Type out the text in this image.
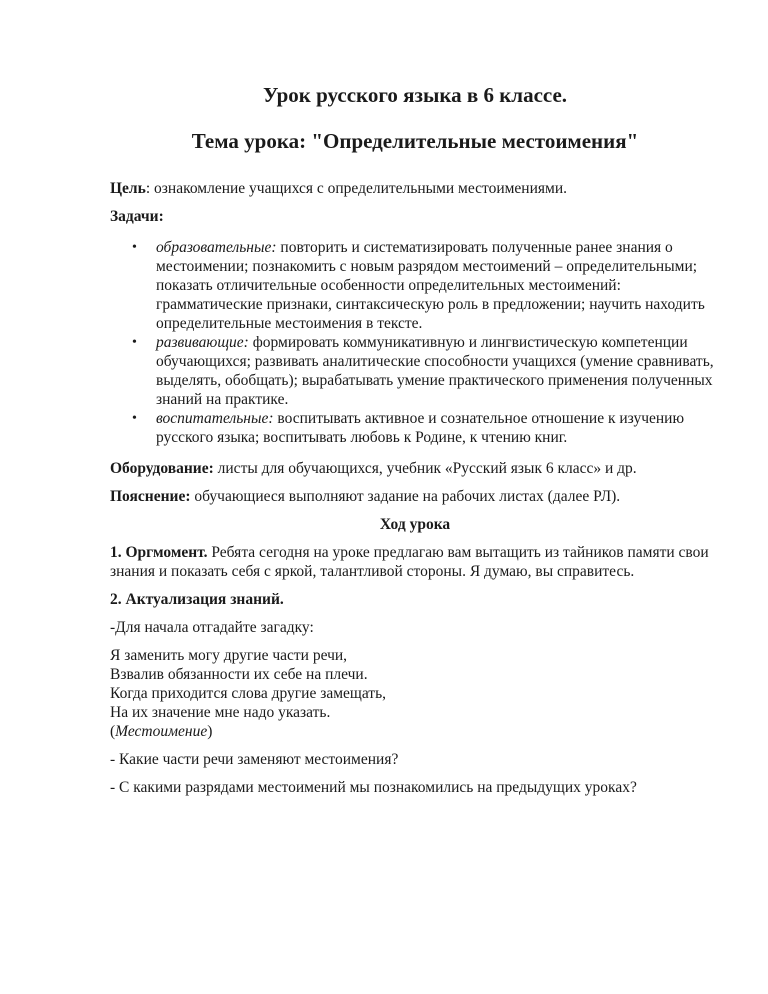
Урок русского языка в 6 классе.
Тема урока: "Определительные местоимения"

Цель: ознакомление учащихся с определительными местоимениями.

Задачи:

• образовательные: повторить и систематизировать полученные ранее знания о местоимении; познакомить с новым разрядом местоимений – определительными; показать отличительные особенности определительных местоимений: грамматические признаки, синтаксическую роль в предложении; научить находить определительные местоимения в тексте.
• развивающие: формировать коммуникативную и лингвистическую компетенции обучающихся; развивать аналитические способности учащихся (умение сравнивать, выделять, обобщать); вырабатывать умение практического применения полученных знаний на практике.
• воспитательные: воспитывать активное и сознательное отношение к изучению русского языка; воспитывать любовь к Родине, к чтению книг.

Оборудование: листы для обучающихся, учебник «Русский язык 6 класс» и др.

Пояснение: обучающиеся выполняют задание на рабочих листах (далее РЛ).

Ход урока

1. Оргмомент. Ребята сегодня на уроке предлагаю вам вытащить из тайников памяти свои знания и показать себя с яркой, талантливой стороны. Я думаю, вы справитесь.

2. Актуализация знаний.

-Для начала отгадайте загадку:

Я заменить могу другие части речи,
Взвалив обязанности их себе на плечи.
Когда приходится слова другие замещать,
На их значение мне надо указать.
(Местоимение)

- Какие части речи заменяют местоимения?

- С какими разрядами местоимений мы познакомились на предыдущих уроках?
